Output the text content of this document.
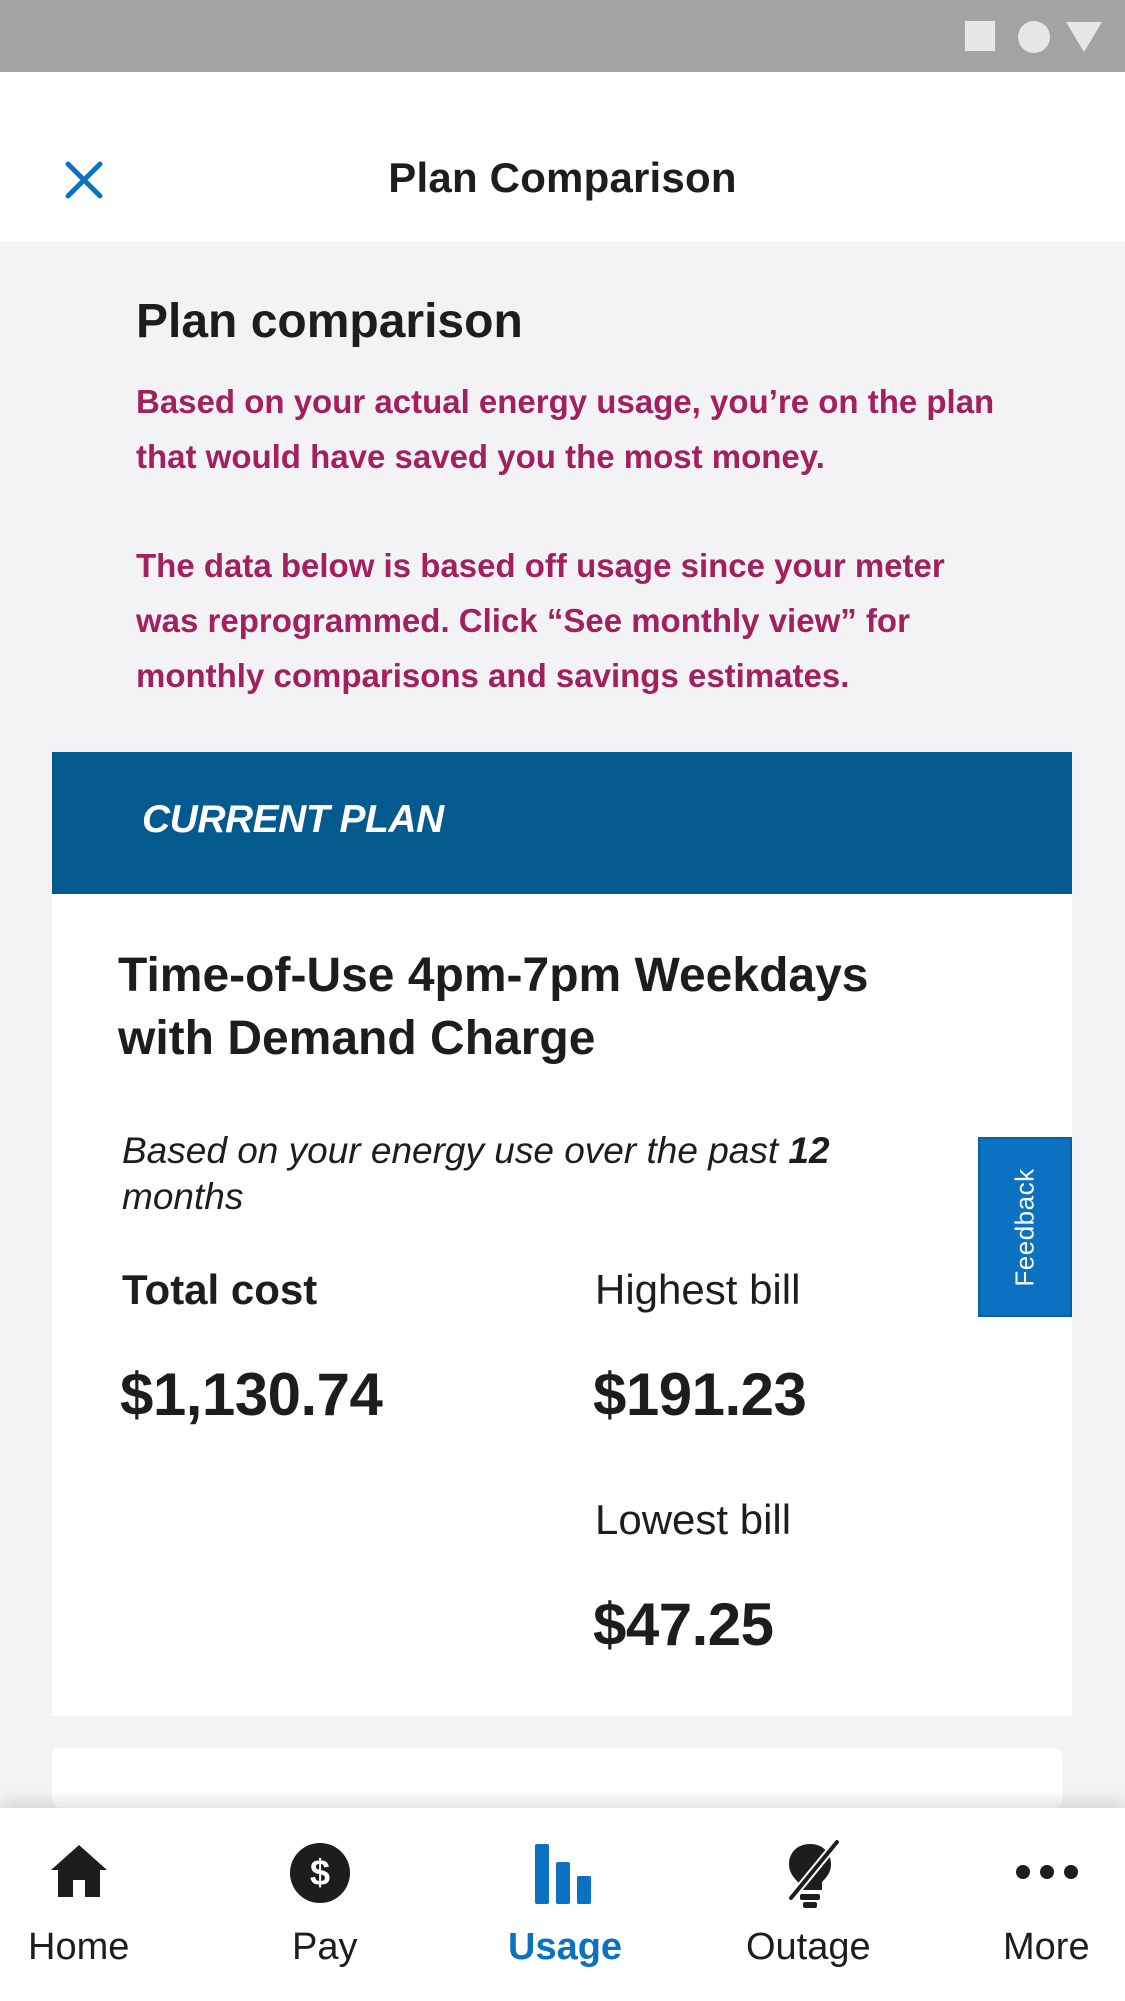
Plan Comparison
Plan comparison
Based on your actual energy usage, you’re on the plan that would have saved you the most money.
The data below is based off usage since your meter was reprogrammed. Click “See monthly view” for monthly comparisons and savings estimates.
CURRENT PLAN
Time-of-Use 4pm-7pm Weekdays with Demand Charge
Based on your energy use over the past 12 months
Total cost
$1,130.74
Highest bill
$191.23
Lowest bill
$47.25
Feedback
Home
$
Pay	Usage	Outage	More
